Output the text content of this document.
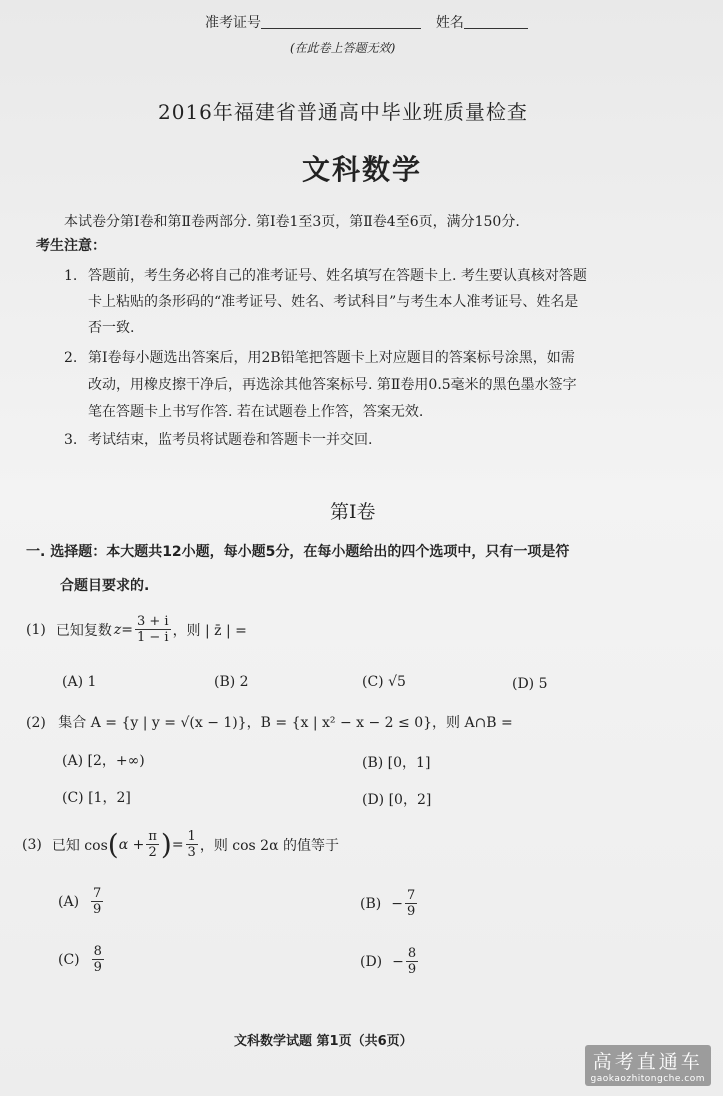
准考证号	姓名
(在此卷上答题无效)
2016年福建省普通高中毕业班质量检查
文科数学
本试卷分第Ⅰ卷和第Ⅱ卷两部分. 第Ⅰ卷1至3页，第Ⅱ卷4至6页，满分150分.
考生注意：
1. 答题前，考生务必将自己的准考证号、姓名填写在答题卡上. 考生要认真核对答题

卡上粘贴的条形码的“准考证号、姓名、考试科目”与考生本人准考证号、姓名是

否一致.
2. 第Ⅰ卷每小题选出答案后，用2B铅笔把答题卡上对应题目的答案标号涂黑，如需
改动，用橡皮擦干净后，再选涂其他答案标号. 第Ⅱ卷用0.5毫米的黑色墨水签字
笔在答题卡上书写作答. 若在试题卷上作答，答案无效.
3. 考试结束，监考员将试题卷和答题卡一并交回.
第Ⅰ卷
一. 选择题：本大题共12小题，每小题5分，在每小题给出的四个选项中，只有一项是符
合题目要求的.
(1) 已知复数 $z = \frac{3 + i}{1 - i}$ ，则 | z̄ | =
(A) 1	(B) 2	(C) √5	(D) 5
(2) 集合 A = {y | y = √(x − 1)}，B = {x | x² − x − 2 ≤ 0}，则 A∩B =
(A) [2，+∞)	(B) [0，1]
(C) [1，2]	(D) [0，2]
(3) 已知 cos ( $\alpha + \frac{\pi}{2}$ ) = $\frac{1}{3}$ ，则 cos 2α 的值等于
$(A) \frac{7}{9}$	$(B) - \frac{7}{9}$
$(C) \frac{8}{9}$	$(D) - \frac{8}{9}$
文科数学试题 第1页（共6页）
高考直通车
gaokaozhitongche.com
